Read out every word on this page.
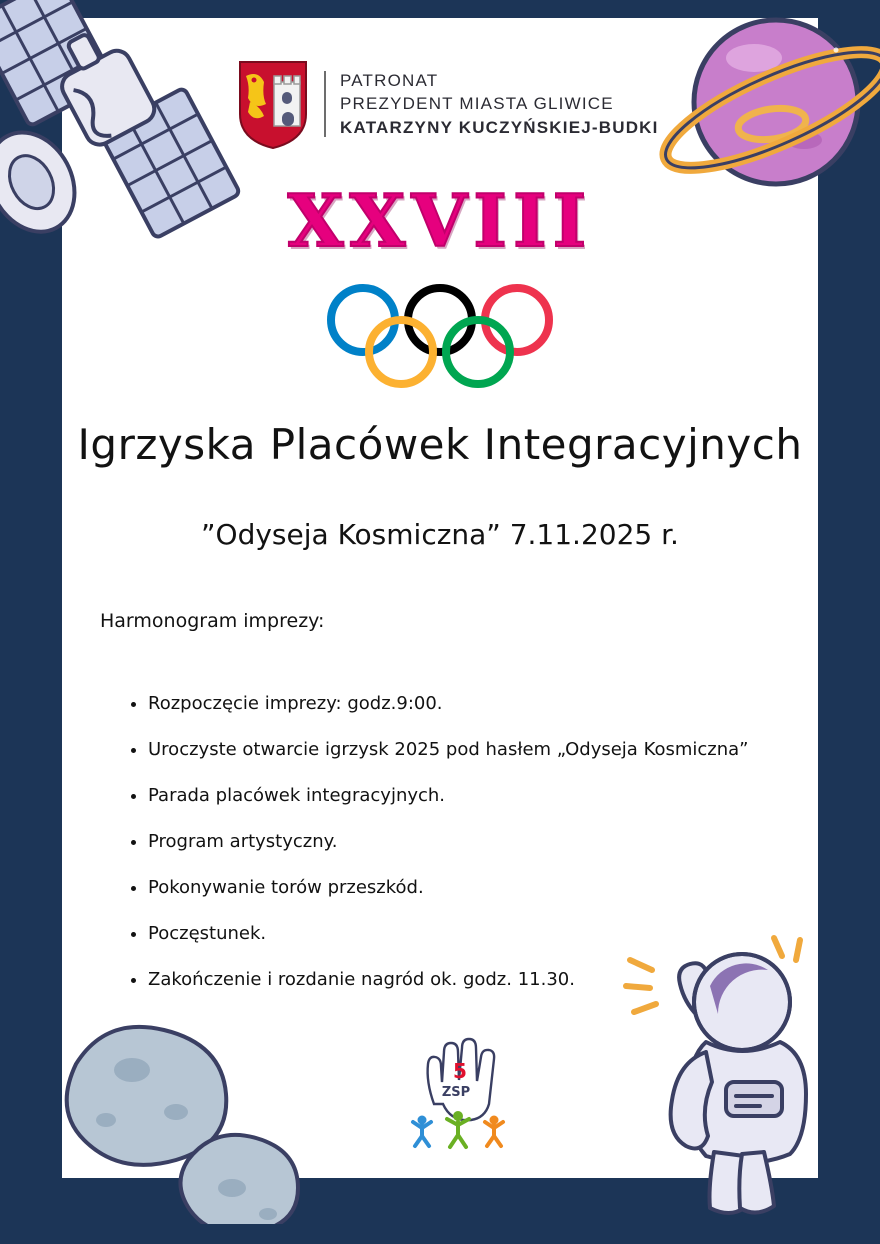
PATRONAT
PREZYDENT MIASTA GLIWICE
KATARZYNY KUCZYŃSKIEJ-BUDKI
XXVIII
Igrzyska Placówek Integracyjnych
”Odyseja Kosmiczna” 7.11.2025 r.
Harmonogram imprezy:
• Rozpoczęcie imprezy: godz.9:00.
• Uroczyste otwarcie igrzysk 2025 pod hasłem „Odyseja Kosmiczna”
• Parada placówek integracyjnych.
• Program artystyczny.
• Pokonywanie torów przeszkód.
• Poczęstunek.
• Zakończenie i rozdanie nagród ok. godz. 11.30.
5
ZSP
